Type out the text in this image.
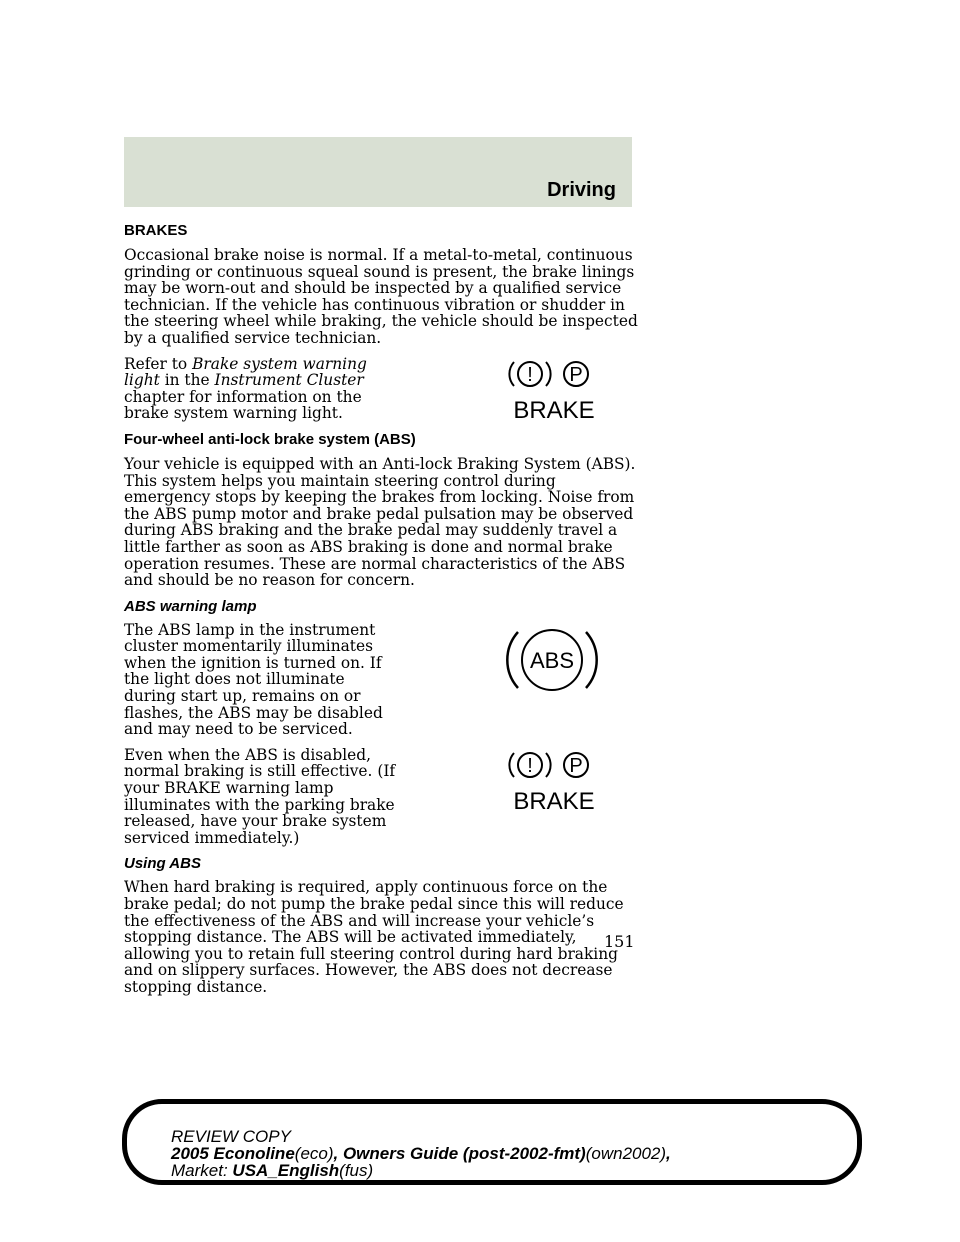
Driving
BRAKES

Occasional brake noise is normal. If a metal-to-metal, continuous grinding or continuous squeal sound is present, the brake linings may be worn-out and should be inspected by a qualified service technician. If the vehicle has continuous vibration or shudder in the steering wheel while braking, the vehicle should be inspected by a qualified service technician.

! P
BRAKE

Refer to Brake system warning light in the Instrument Cluster chapter for information on the brake system warning light.

Four-wheel anti-lock brake system (ABS)

Your vehicle is equipped with an Anti-lock Braking System (ABS). This system helps you maintain steering control during emergency stops by keeping the brakes from locking. Noise from the ABS pump motor and brake pedal pulsation may be observed during ABS braking and the brake pedal may suddenly travel a little farther as soon as ABS braking is done and normal brake operation resumes. These are normal characteristics of the ABS and should be no reason for concern.

ABS warning lamp
ABS

The ABS lamp in the instrument cluster momentarily illuminates when the ignition is turned on. If the light does not illuminate during start up, remains on or flashes, the ABS may be disabled and may need to be serviced.

! P
BRAKE

Even when the ABS is disabled, normal braking is still effective. (If your BRAKE warning lamp illuminates with the parking brake released, have your brake system serviced immediately.)

Using ABS

When hard braking is required, apply continuous force on the brake pedal; do not pump the brake pedal since this will reduce the effectiveness of the ABS and will increase your vehicle’s stopping distance. The ABS will be activated immediately, allowing you to retain full steering control during hard braking and on slippery surfaces. However, the ABS does not decrease stopping distance.

151
REVIEW COPY
2005 Econoline(eco), Owners Guide (post-2002-fmt)(own2002),
Market: USA_English(fus)
